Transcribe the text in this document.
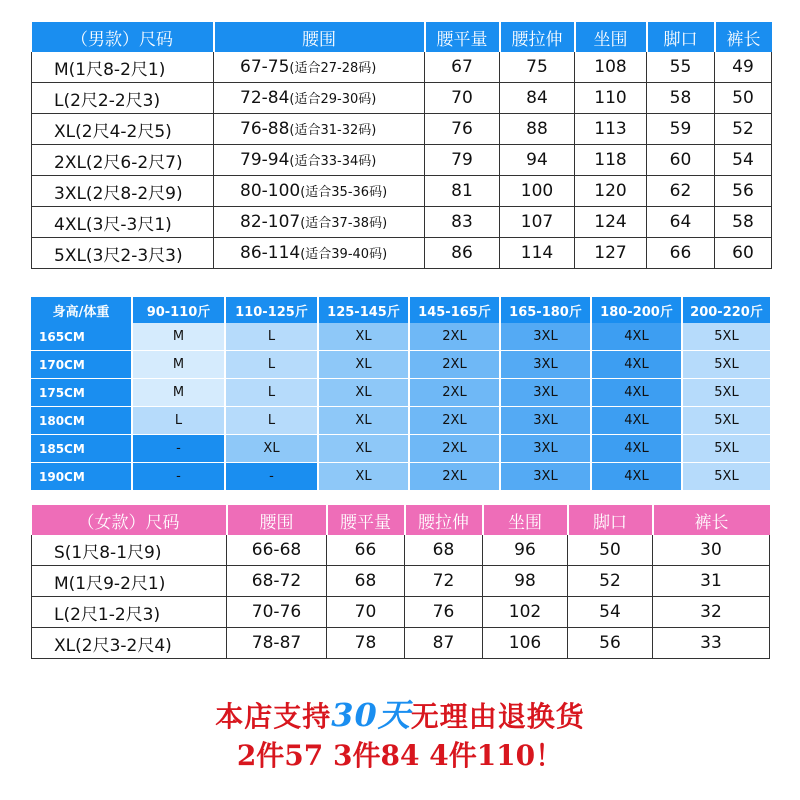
（男款）尺码	腰围	腰平量	腰拉伸	坐围	脚口	裤长
M(1尺8-2尺1)	67-75(适合27-28码)	67	75	108	55	49
L(2尺2-2尺3)	72-84(适合29-30码)	70	84	110	58	50
XL(2尺4-2尺5)	76-88(适合31-32码)	76	88	113	59	52
2XL(2尺6-2尺7)	79-94(适合33-34码)	79	94	118	60	54
3XL(2尺8-2尺9)	80-100(适合35-36码)	81	100	120	62	56
4XL(3尺-3尺1)	82-107(适合37-38码)	83	107	124	64	58
5XL(3尺2-3尺3)	86-114(适合39-40码)	86	114	127	66	60
身高/体重	90-110斤	110-125斤	125-145斤	145-165斤	165-180斤	180-200斤	200-220斤
165CM	M	L	XL	2XL	3XL	4XL	5XL
170CM	M	L	XL	2XL	3XL	4XL	5XL
175CM	M	L	XL	2XL	3XL	4XL	5XL
180CM	L	L	XL	2XL	3XL	4XL	5XL
185CM	-	XL	XL	2XL	3XL	4XL	5XL
190CM	-	-	XL	2XL	3XL	4XL	5XL
（女款）尺码	腰围	腰平量	腰拉伸	坐围	脚口	裤长
S(1尺8-1尺9)	66-68	66	68	96	50	30
M(1尺9-2尺1)	68-72	68	72	98	52	31
L(2尺1-2尺3)	70-76	70	76	102	54	32
XL(2尺3-2尺4)	78-87	78	87	106	56	33
本店支持30天无理由退换货
2件57 3件84 4件110！
